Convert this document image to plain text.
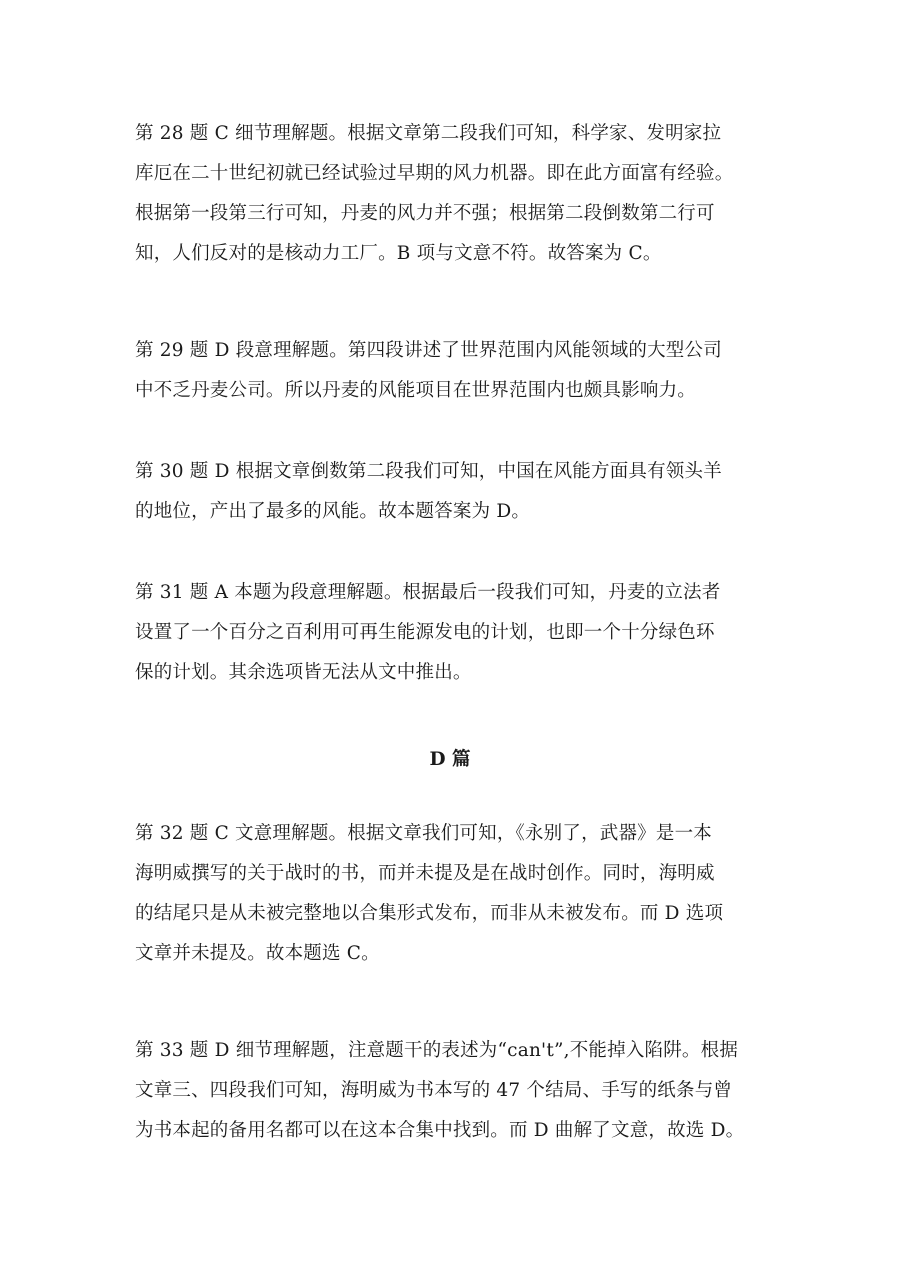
第 28 题 C 细节理解题。根据文章第二段我们可知，科学家、发明家拉
库厄在二十世纪初就已经试验过早期的风力机器。即在此方面富有经验。
根据第一段第三行可知，丹麦的风力并不强；根据第二段倒数第二行可
知，人们反对的是核动力工厂。B 项与文意不符。故答案为 C。
第 29 题 D 段意理解题。第四段讲述了世界范围内风能领域的大型公司
中不乏丹麦公司。所以丹麦的风能项目在世界范围内也颇具影响力。
第 30 题 D 根据文章倒数第二段我们可知，中国在风能方面具有领头羊
的地位，产出了最多的风能。故本题答案为 D。
第 31 题 A 本题为段意理解题。根据最后一段我们可知，丹麦的立法者
设置了一个百分之百利用可再生能源发电的计划，也即一个十分绿色环
保的计划。其余选项皆无法从文中推出。
D 篇
第 32 题 C 文意理解题。根据文章我们可知，《永别了，武器》是一本
海明威撰写的关于战时的书，而并未提及是在战时创作。同时，海明威
的结尾只是从未被完整地以合集形式发布，而非从未被发布。而 D 选项
文章并未提及。故本题选 C。
第 33 题 D 细节理解题，注意题干的表述为“can't”,不能掉入陷阱。根据
文章三、四段我们可知，海明威为书本写的 47 个结局、手写的纸条与曾
为书本起的备用名都可以在这本合集中找到。而 D 曲解了文意，故选 D。
